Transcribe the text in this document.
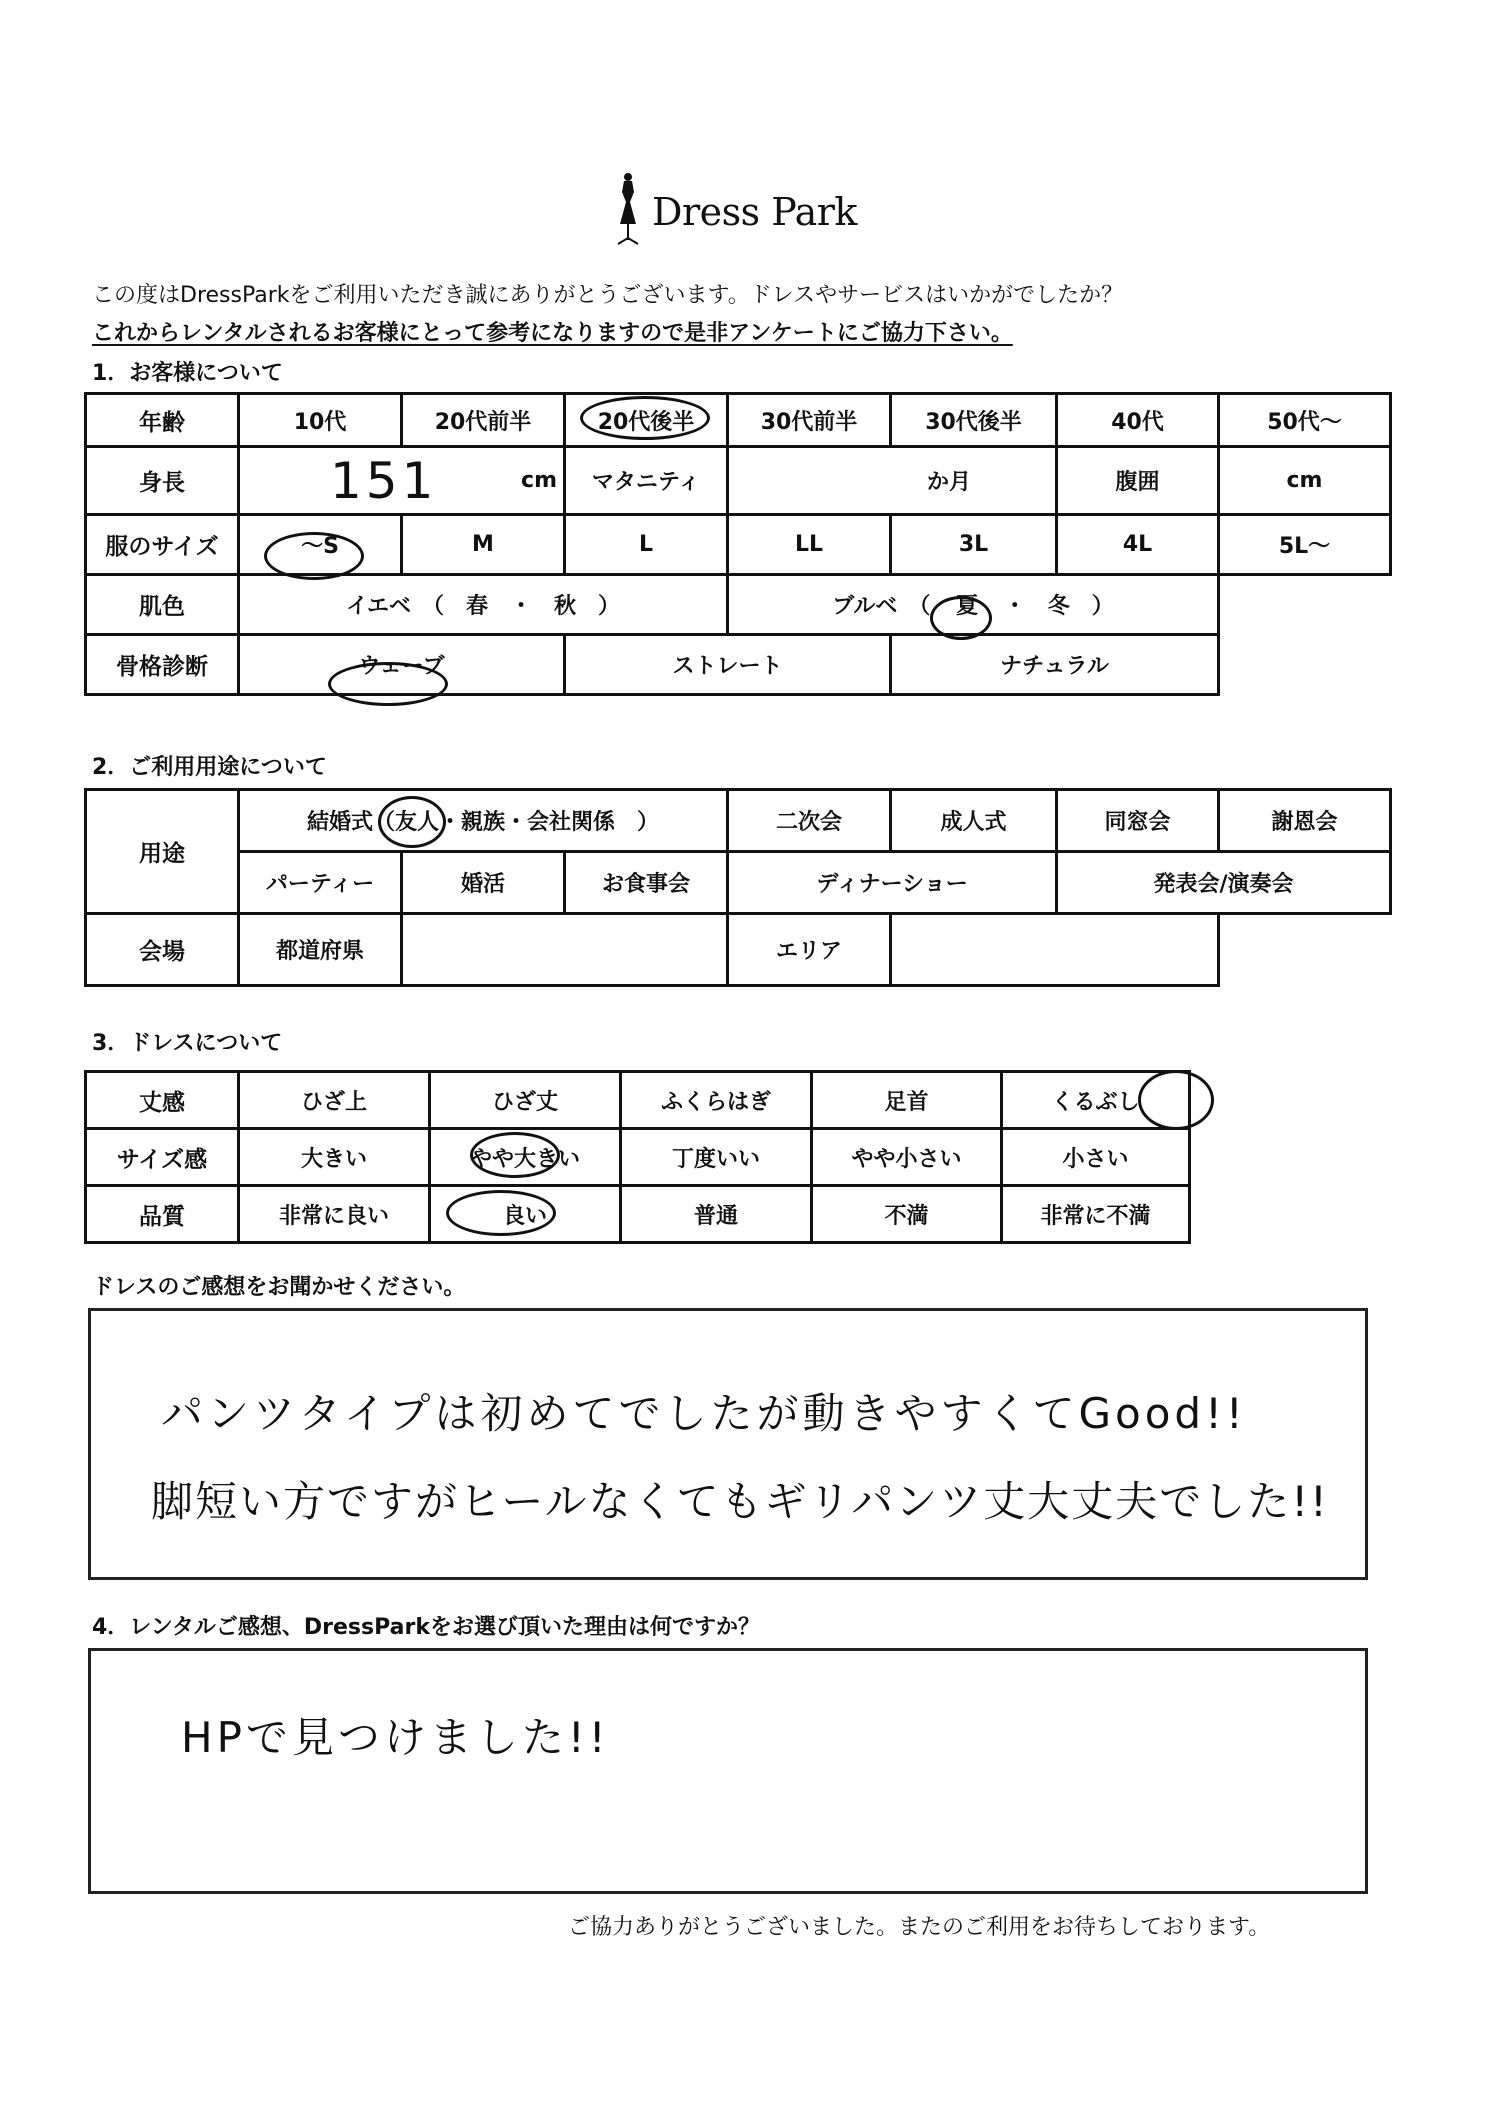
Dress Park
この度はDressParkをご利用いただき誠にありがとうございます。ドレスやサービスはいかがでしたか？
これからレンタルされるお客様にとって参考になりますので是非アンケートにご協力下さい。
1．お客様について
年齢	10代	20代前半	20代後半	30代前半	30代後半	40代	50代～
身長	151 cm		マタニティ	か月		腹囲	cm
服のサイズ	～S	M	L	LL	3L	4L	5L～
肌色	イエベ　（　春　・　秋　）			ブルベ　（ 夏 ・　冬　）			
骨格診断	ウェーブ		ストレート		ナチュラル		
2．ご利用用途について
用途	結婚式（友人・親族・会社関係　）			二次会	成人式	同窓会	謝恩会
	パーティー	婚活	お食事会	ディナーショー		発表会/演奏会	
会場	都道府県			エリア			
3．ドレスについて
丈感	ひざ上	ひざ丈	ふくらはぎ	足首	くるぶし
サイズ感	大きい	やや大きい	丁度いい	やや小さい	小さい
品質	非常に良い	良い	普通	不満	非常に不満
ドレスのご感想をお聞かせください。
パンツタイプは初めてでしたが動きやすくてGood!!
脚短い方ですがヒールなくてもギリパンツ丈大丈夫でした!!
4．レンタルご感想、DressParkをお選び頂いた理由は何ですか？
HPで見つけました!!
ご協力ありがとうございました。またのご利用をお待ちしております。
